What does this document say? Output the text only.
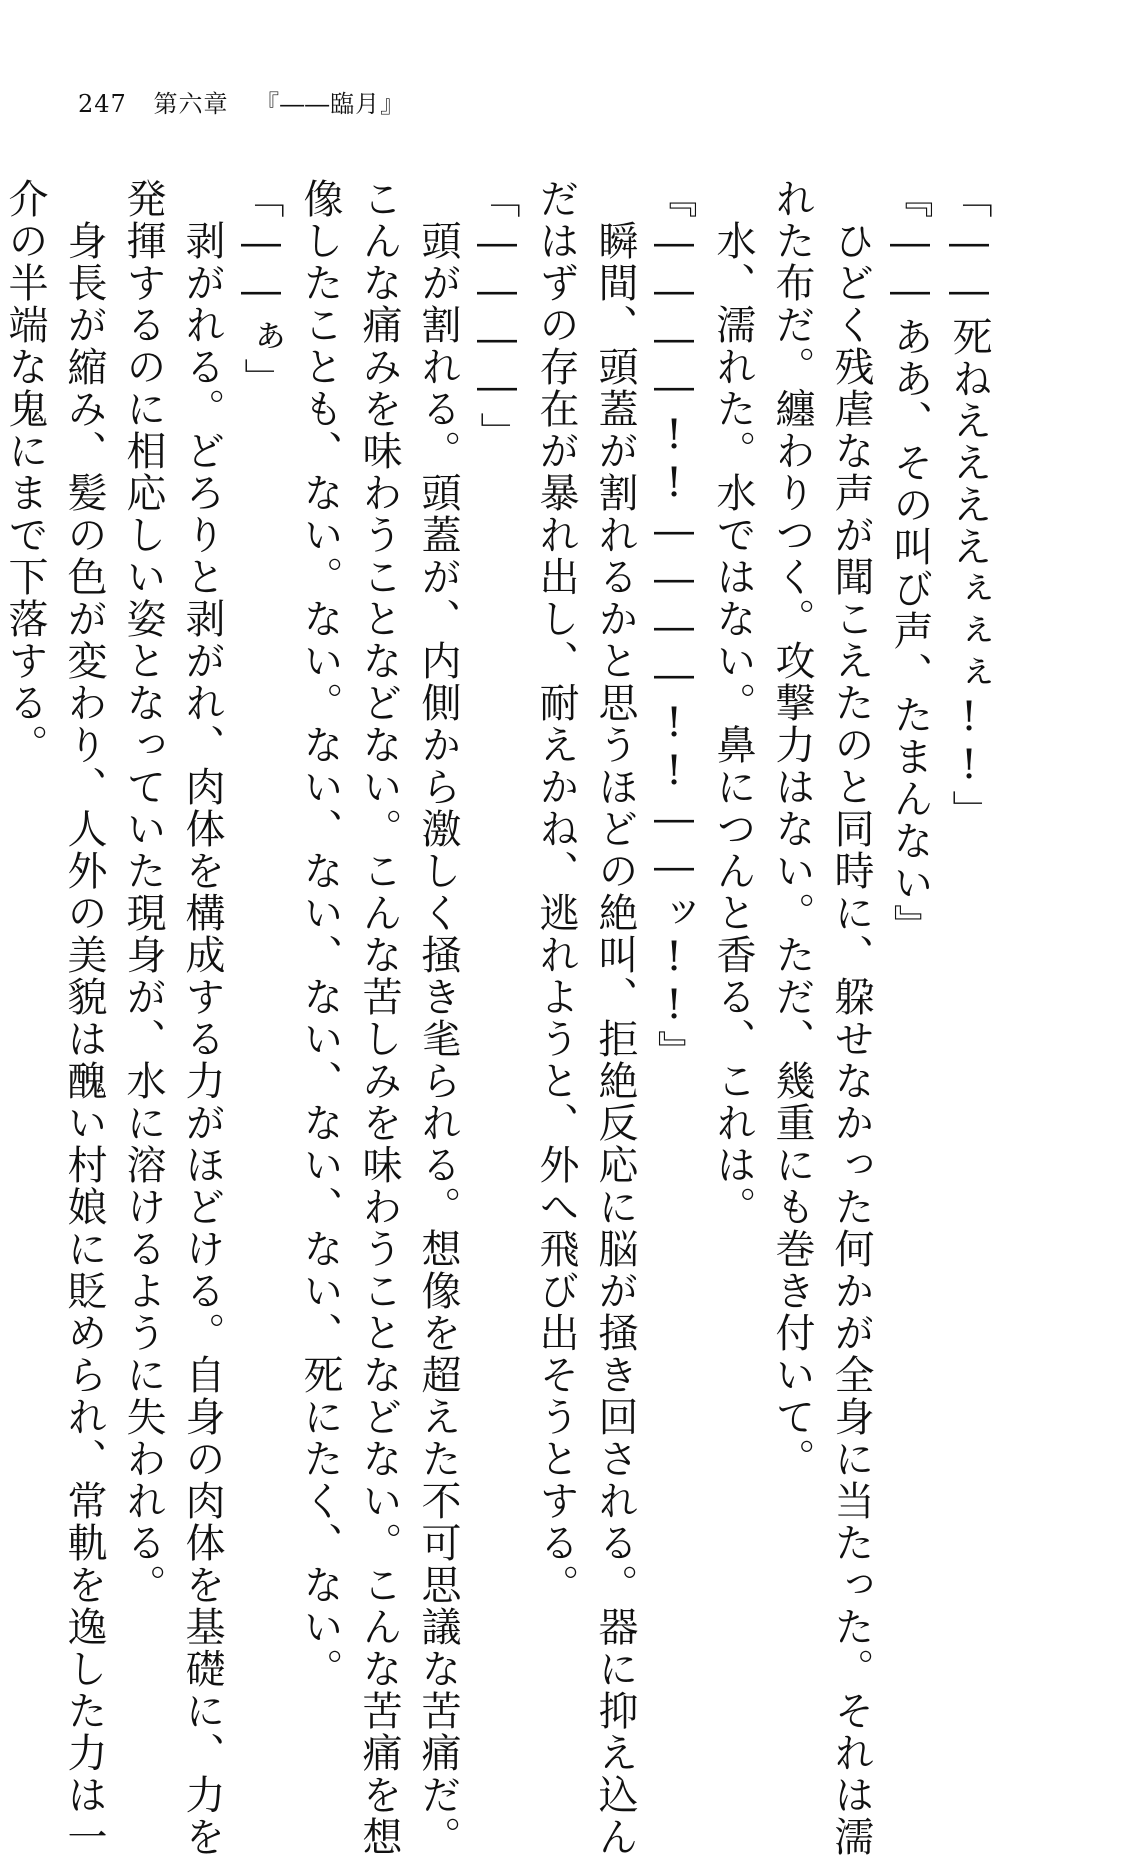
247 第六章 『――臨月』
「――死ねええええぇぇぇ!!」
『――ああ、その叫び声、たまんない』
ひどく残虐な声が聞こえたのと同時に、躱せなかった何かが全身に当たった。それは濡
れた布だ。纏わりつく。攻撃力はない。ただ、幾重にも巻き付いて。
水、濡れた。水ではない。鼻につんと香る、これは。
『――――!!――――!!――ッ!!』
瞬間、頭蓋が割れるかと思うほどの絶叫、拒絶反応に脳が掻き回される。器に抑え込ん
だはずの存在が暴れ出し、耐えかね、逃れようと、外へ飛び出そうとする。
「――――」
頭が割れる。頭蓋が、内側から激しく掻き毟られる。想像を超えた不可思議な苦痛だ。
こんな痛みを味わうことなどない。こんな苦しみを味わうことなどない。こんな苦痛を想
像したことも、ない。ない。ない、ない、ない、ない、ない、死にたく、ない。
「――ぁ」
剥がれる。どろりと剥がれ、肉体を構成する力がほどける。自身の肉体を基礎に、力を
発揮するのに相応しい姿となっていた現身が、水に溶けるように失われる。
身長が縮み、髪の色が変わり、人外の美貌は醜い村娘に貶められ、常軌を逸した力は一
介の半端な鬼にまで下落する。
